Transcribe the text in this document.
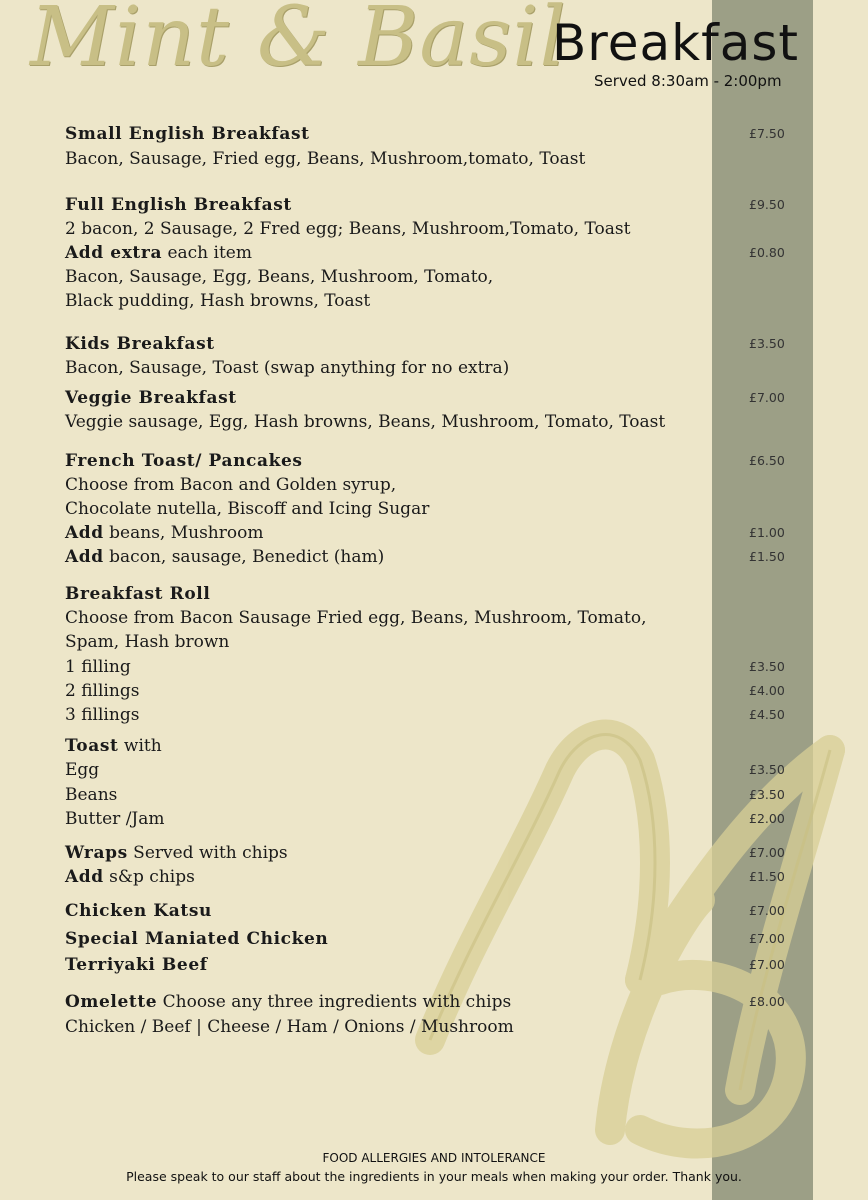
Mint & Basil
Breakfast
Served 8:30am - 2:00pm
Small English Breakfast	£7.50
Bacon, Sausage, Fried egg, Beans, Mushroom,tomato, Toast
Full English Breakfast	£9.50
2 bacon, 2 Sausage, 2 Fred egg; Beans, Mushroom,Tomato, Toast
Add extra each item	£0.80
Bacon, Sausage, Egg, Beans, Mushroom, Tomato,
Black pudding, Hash browns, Toast
Kids Breakfast	£3.50
Bacon, Sausage, Toast (swap anything for no extra)
Veggie Breakfast	£7.00
Veggie sausage, Egg, Hash browns, Beans, Mushroom, Tomato, Toast
French Toast/ Pancakes	£6.50
Choose from Bacon and Golden syrup,
Chocolate nutella, Biscoff and Icing Sugar
Add beans, Mushroom	£1.00
Add bacon, sausage, Benedict (ham)	£1.50
Breakfast Roll
Choose from Bacon Sausage Fried egg, Beans, Mushroom, Tomato,
Spam, Hash brown
1 filling	£3.50
2 fillings	£4.00
3 fillings	£4.50
Toast with
Egg	£3.50
Beans	£3.50
Butter /Jam	£2.00
Wraps Served with chips	£7.00
Add s&p chips	£1.50
Chicken Katsu	£7.00
Special Maniated Chicken	£7.00
Terriyaki Beef	£7.00
Omelette Choose any three ingredients with chips	£8.00
Chicken / Beef | Cheese / Ham / Onions / Mushroom
FOOD ALLERGIES AND INTOLERANCE
Please speak to our staff about the ingredients in your meals when making your order. Thank you.
